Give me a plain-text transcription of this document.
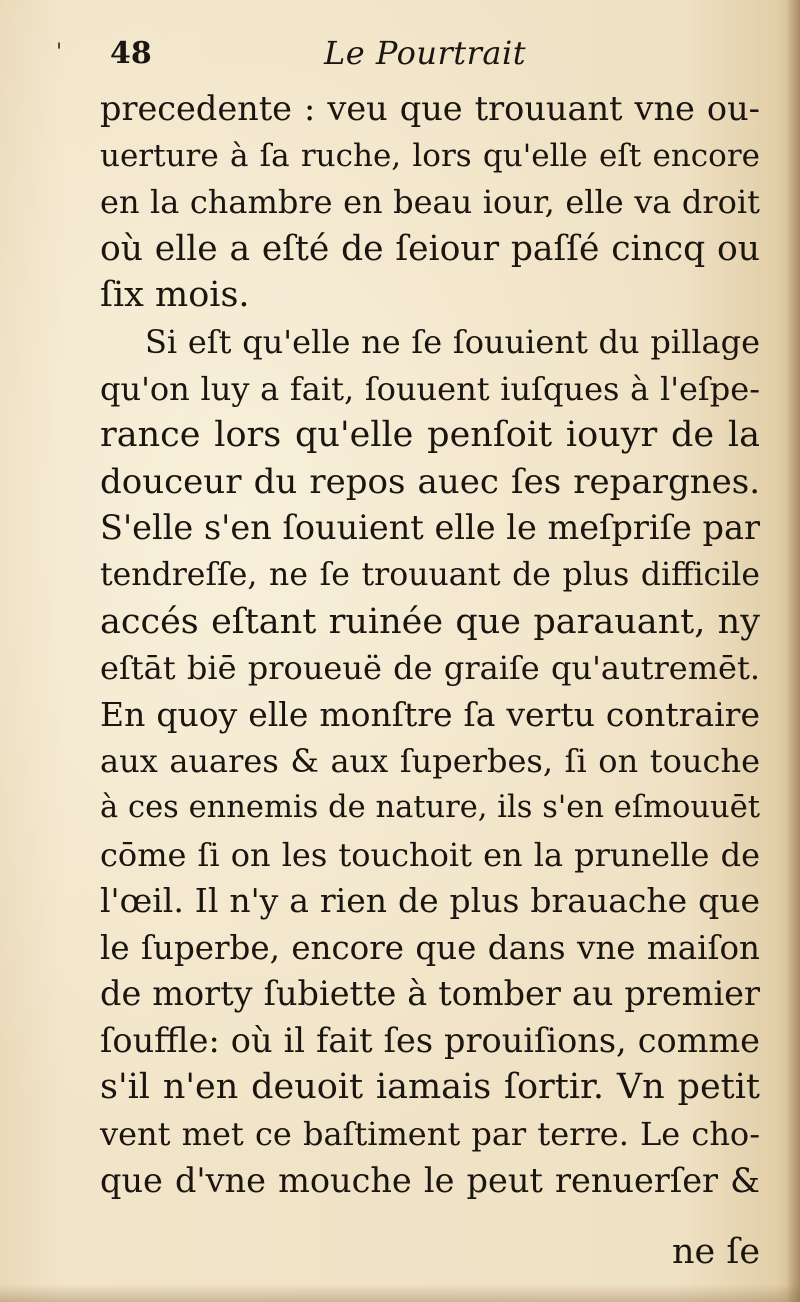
' 48	Le Pourtrait
precedente : veu que trouuant vne ou-
uerture à ſa ruche, lors qu'elle eſt encore
en la chambre en beau iour, elle va droit
où elle a eſté de ſeiour paſſé cincq ou
ſix mois.
Si eſt qu'elle ne ſe ſouuient du pillage
qu'on luy a fait, ſouuent iuſques à l'eſpe-
rance lors qu'elle penſoit iouyr de la
douceur du repos auec ſes repargnes.
S'elle s'en ſouuient elle le meſpriſe par
tendreſſe, ne ſe trouuant de plus difficile
accés eſtant ruinée que parauant, ny
eſtāt biē proueuë de graiſe qu'autremēt.
En quoy elle monſtre ſa vertu contraire
aux auares & aux ſuperbes, ſi on touche
à ces ennemis de nature, ils s'en eſmouuēt
cōme ſi on les touchoit en la prunelle de
l'œil. Il n'y a rien de plus brauache que
le ſuperbe, encore que dans vne maiſon
de morty ſubiette à tomber au premier
ſouffle: où il fait ſes prouiſions, comme
s'il n'en deuoit iamais ſortir. Vn petit
vent met ce baſtiment par terre. Le cho-
que d'vne mouche le peut renuerſer &
ne ſe
